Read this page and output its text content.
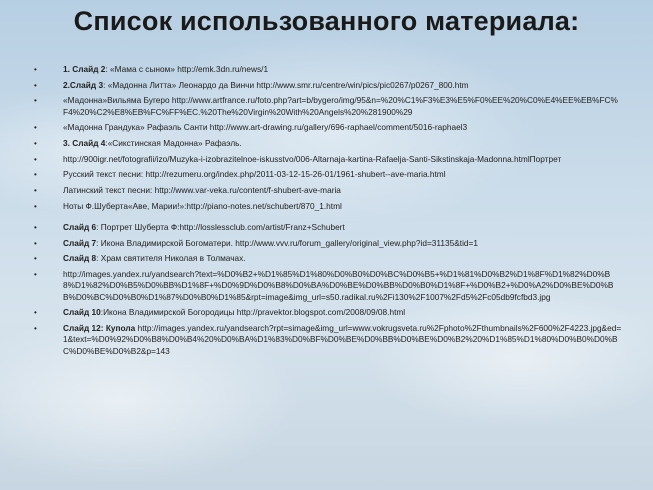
Список использованного материала:
•	1. Слайд 2: «Мама с сыном» http://emk.3dn.ru/news/1
•	2.Слайд 3: «Мадонна Литта» Леонардо да Винчи http://www.smr.ru/centre/win/pics/pic0267/p0267_800.htm
•	«Мадонна»Вильяма Бугеро http://www.artfrance.ru/foto.php?art=b/bygero/img/95&n=%20%C1%F3%E3%E5%F0%EE%20%C0%E4%EE%EB%FC%F4%20%C2%E8%EB%FC%FF%EC.%20The%20Virgin%20With%20Angels%20%281900%29
•	«Мадонна Грандука» Рафаэль Санти http://www.art-drawing.ru/gallery/696-raphael/comment/5016-raphael3
•	3. Слайд 4:«Сикстинская Мадонна» Рафаэль.
•	http://900igr.net/fotografii/izo/Muzyka-i-izobrazitelnoe-iskusstvo/006-Altarnaja-kartina-Rafaelja-Santi-Sikstinskaja-Madonna.htmlПортрет
•	Русский текст песни: http://rezumeru.org/index.php/2011-03-12-15-26-01/1961-shubert--ave-maria.html
•	Латинский текст песни: http://www.var-veka.ru/content/f-shubert-ave-maria
•	Ноты Ф.Шуберта«Аве, Марии!»:http://piano-notes.net/schubert/870_1.html
•	Слайд 6: Портрет Шуберта Ф:http://losslessclub.com/artist/Franz+Schubert
•	Слайд 7: Икона Владимирской Богоматери. http://www.vvv.ru/forum_gallery/original_view.php?id=31135&tid=1
•	Слайд 8: Храм святителя Николая в Толмачах.
•	http://images.yandex.ru/yandsearch?text=%D0%B2+%D1%85%D1%80%D0%B0%D0%BC%D0%B5+%D1%81%D0%B2%D1%8F%D1%82%D0%B8%D1%82%D0%B5%D0%BB%D1%8F+%D0%9D%D0%B8%D0%BA%D0%BE%D0%BB%D0%B0%D1%8F+%D0%B2+%D0%A2%D0%BE%D0%BB%D0%BC%D0%B0%D1%87%D0%B0%D1%85&rpt=image&img_url=s50.radikal.ru%2Fi130%2F1007%2Fd5%2Fc05db9fcfbd3.jpg
•	Слайд 10:Икона Владимирской Богородицы http://pravektor.blogspot.com/2008/09/08.html
•	Слайд 12: Купола http://images.yandex.ru/yandsearch?rpt=simage&img_url=www.vokrugsveta.ru%2Fphoto%2Fthumbnails%2F600%2F4223.jpg&ed=1&text=%D0%92%D0%B8%D0%B4%20%D0%BA%D1%83%D0%BF%D0%BE%D0%BB%D0%BE%D0%B2%20%D1%85%D1%80%D0%B0%D0%BC%D0%BE%D0%B2&p=143
